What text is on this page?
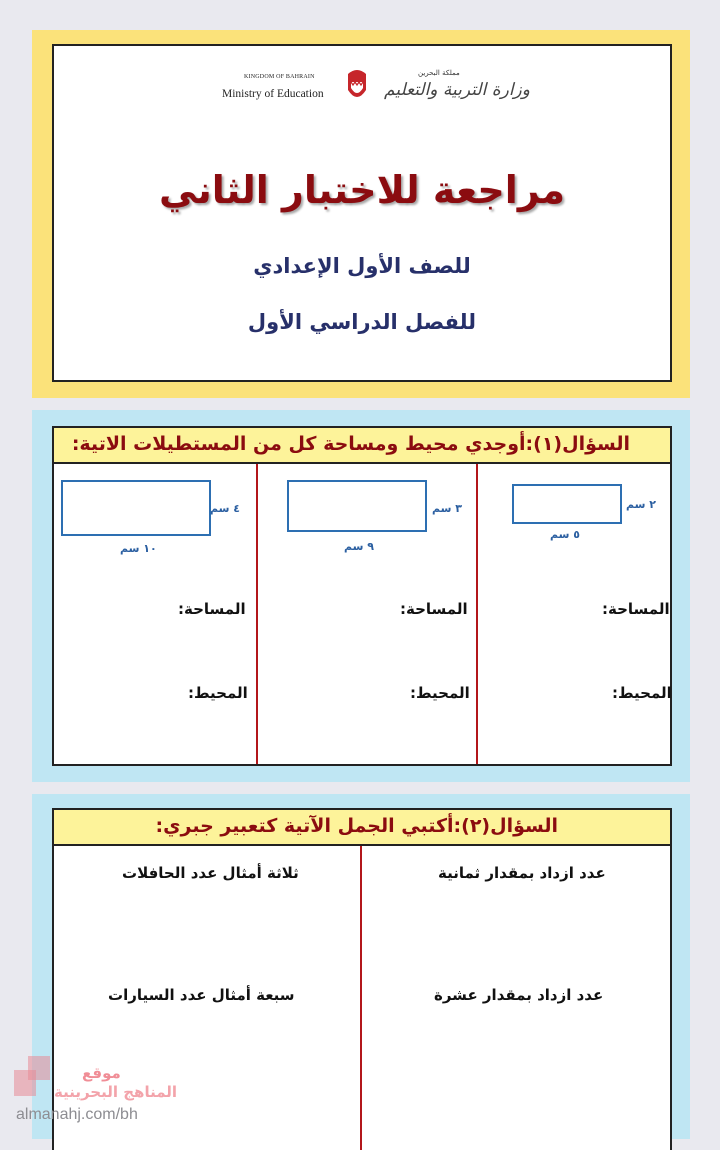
KINGDOM OF BAHRAIN
Ministry of Education
مملكة البحرين
وزارة التربية والتعليم
مراجعة للاختبار الثاني
للصف الأول الإعدادي
للفصل الدراسي الأول
السؤال(١):أوجدي محيط ومساحة كل من المستطيلات الاتية:
٢ سم
٥ سم
المساحة:
المحيط:
٣ سم
٩ سم
المساحة:
المحيط:
٤ سم
١٠ سم
المساحة:
المحيط:
السؤال(٢):أكتبي الجمل الآتية كتعبير جبري:
عدد ازداد بمقدار ثمانية
ثلاثة أمثال عدد الحافلات
عدد ازداد بمقدار عشرة
سبعة أمثال عدد السيارات
موقع
المناهج البحرينية
almanahj.com/bh
